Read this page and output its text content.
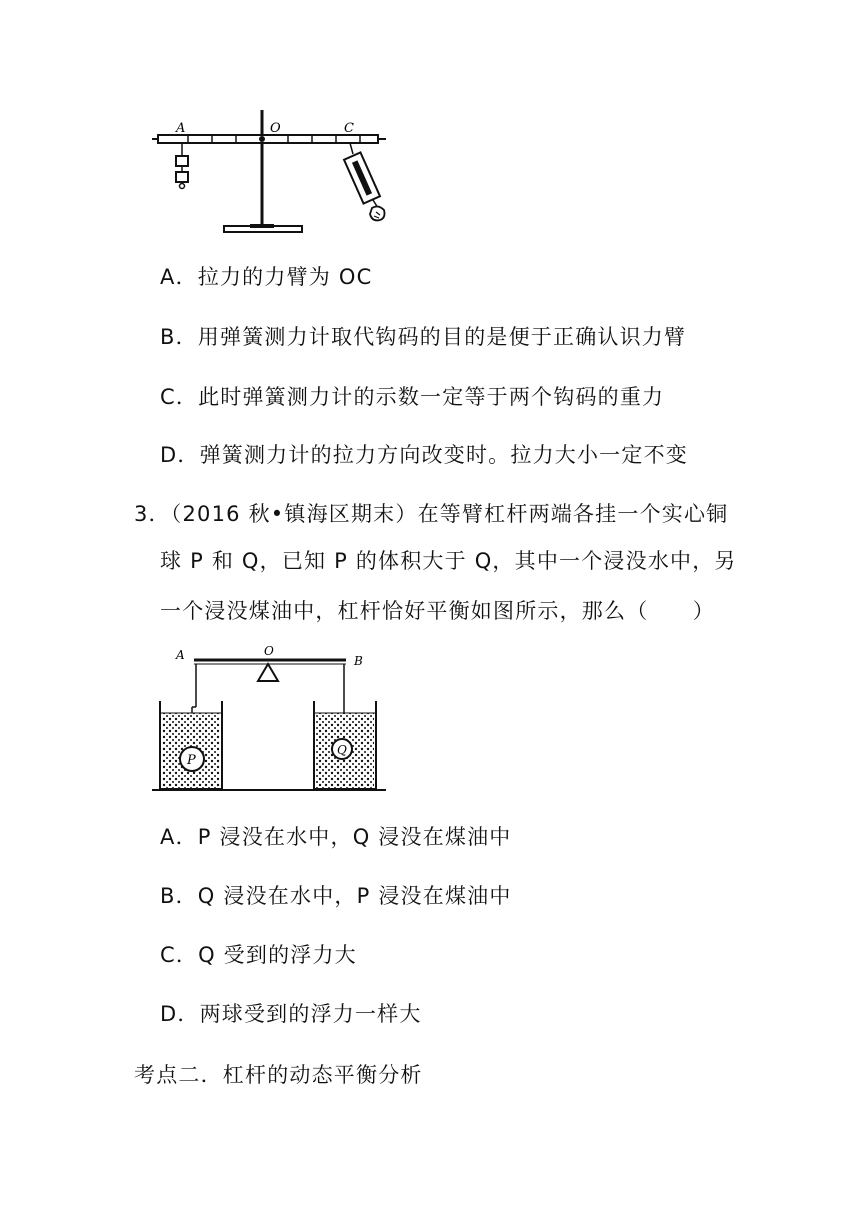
A	O	C
A．拉力的力臂为 OC
B．用弹簧测力计取代钩码的目的是便于正确认识力臂
C．此时弹簧测力计的示数一定等于两个钩码的重力
D．弹簧测力计的拉力方向改变时。拉力大小一定不变
3．（2016 秋•镇海区期末）在等臂杠杆两端各挂一个实心铜
球 P 和 Q，已知 P 的体积大于 Q，其中一个浸没水中，另
一个浸没煤油中，杠杆恰好平衡如图所示，那么（　　）
A	O
B
P
Q
A．P 浸没在水中，Q 浸没在煤油中
B．Q 浸没在水中，P 浸没在煤油中
C．Q 受到的浮力大
D．两球受到的浮力一样大
考点二．杠杆的动态平衡分析
